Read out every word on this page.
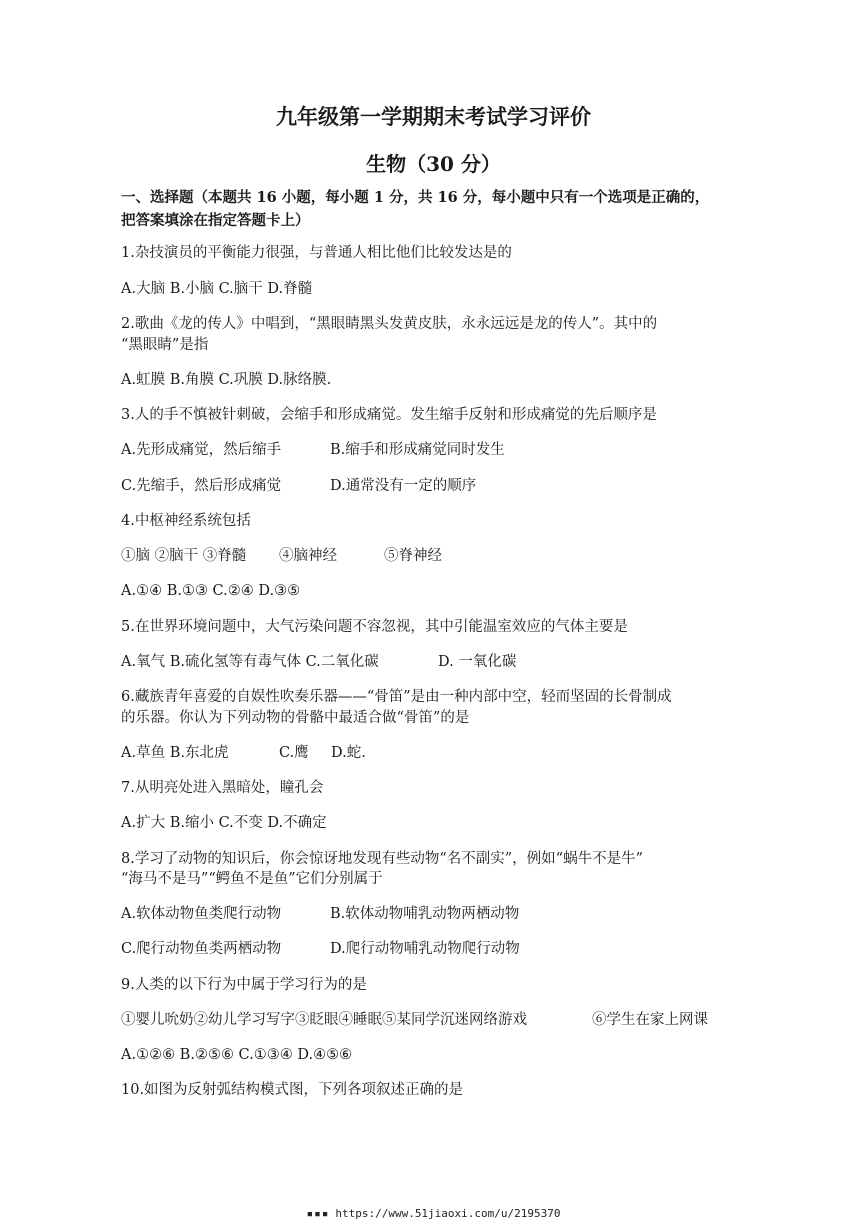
九年级第一学期期末考试学习评价
生物（30 分）
一、选择题（本题共 16 小题，每小题 1 分，共 16 分，每小题中只有一个选项是正确的，
把答案填涂在指定答题卡上）
1.杂技演员的平衡能力很强，与普通人相比他们比较发达是的
A.大脑 B.小脑 C.脑干 D.脊髓
2.歌曲《龙的传人》中唱到，“黑眼睛黑头发黄皮肤，永永远远是龙的传人”。其中的
“黑眼睛”是指
A.虹膜 B.角膜 C.巩膜 D.脉络膜.
3.人的手不慎被针刺破，会缩手和形成痛觉。发生缩手反射和形成痛觉的先后顺序是
A.先形成痛觉，然后缩手	B.缩手和形成痛觉同时发生
C.先缩手，然后形成痛觉	D.通常没有一定的顺序
4.中枢神经系统包括
①脑 ②脑干 ③脊髓 ④脑神经	⑤脊神经
A.①④ B.①③ C.②④ D.③⑤
5.在世界环境问题中，大气污染问题不容忽视，其中引能温室效应的气体主要是
A.氧气 B.硫化氢等有毒气体 C.二氧化碳	D. 一氧化碳
6.藏族青年喜爱的自娱性吹奏乐器——“骨笛”是由一种内部中空，轻而坚固的长骨制成
的乐器。你认为下列动物的骨骼中最适合做“骨笛”的是
A.草鱼 B.东北虎	C.鹰 D.蛇.
7.从明亮处进入黑暗处，瞳孔会
A.扩大 B.缩小 C.不变 D.不确定
8.学习了动物的知识后，你会惊讶地发现有些动物“名不副实”，例如“蜗牛不是牛”
“海马不是马”“鳄鱼不是鱼”它们分别属于
A.软体动物鱼类爬行动物	B.软体动物哺乳动物两栖动物
C.爬行动物鱼类两栖动物	D.爬行动物哺乳动物爬行动物
9.人类的以下行为中属于学习行为的是
①婴儿吮奶②幼儿学习写字③眨眼④睡眠⑤某同学沉迷网络游戏	⑥学生在家上网课
A.①②⑥ B.②⑤⑥ C.①③④ D.④⑤⑥
10.如图为反射弧结构模式图，下列各项叙述正确的是
▪▪▪ https://www.51jiaoxi.com/u/2195370
